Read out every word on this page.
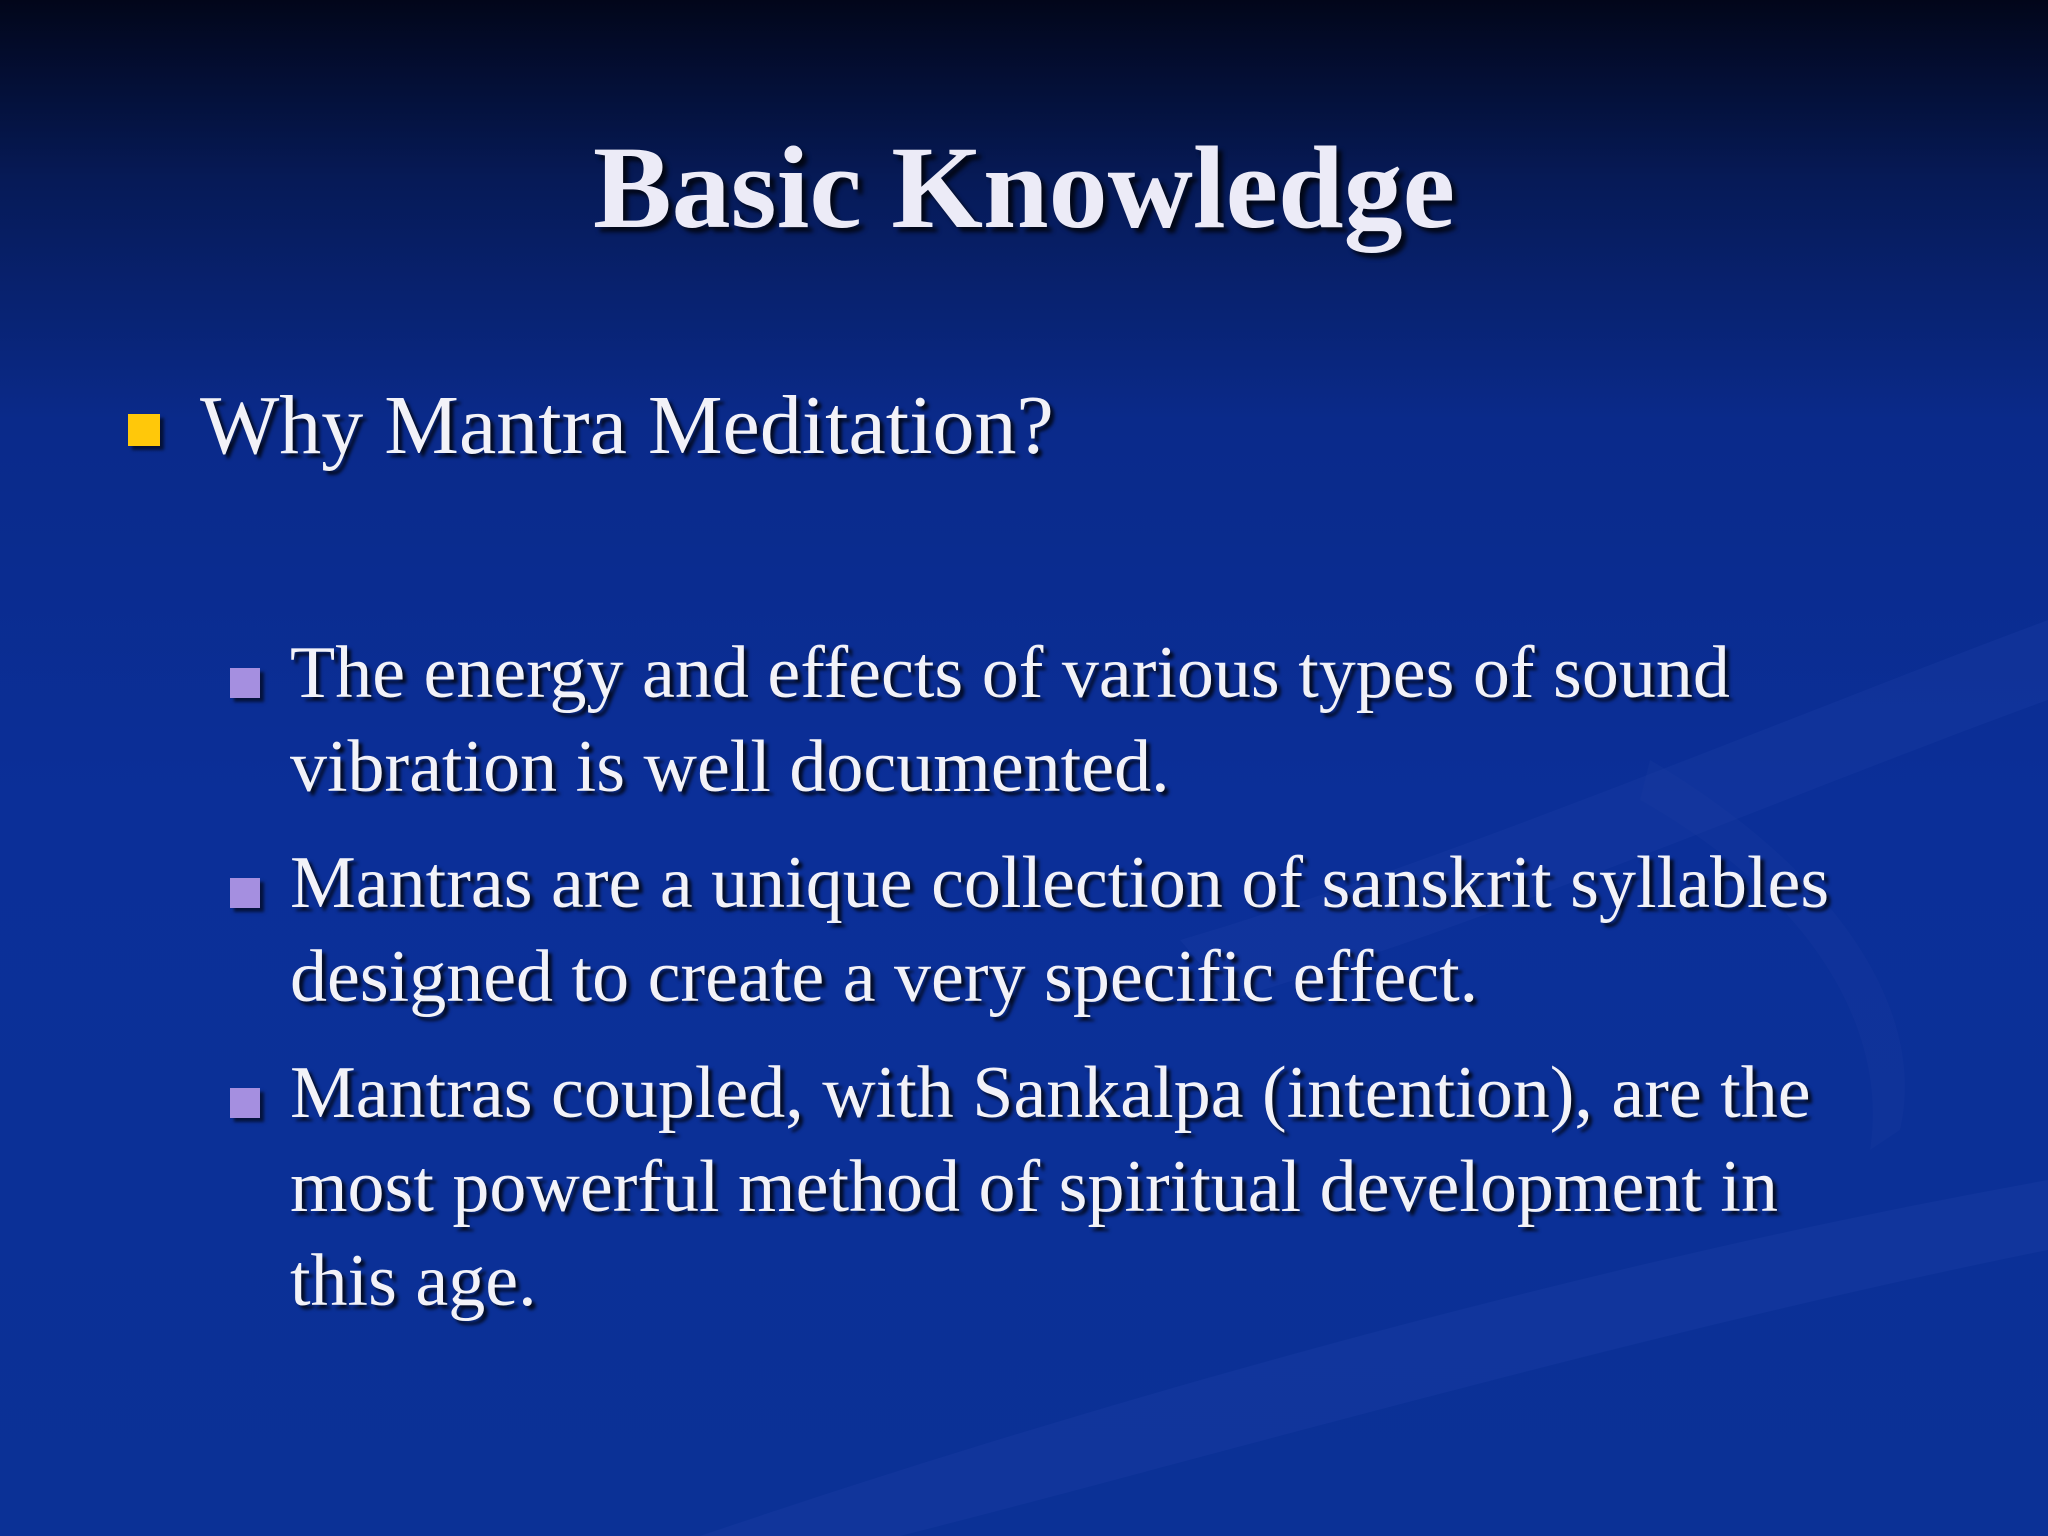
Basic Knowledge
Why Mantra Meditation?
The energy and effects of various types of sound vibration is well documented.
Mantras are a unique collection of sanskrit syllables designed to create a very specific effect.
Mantras coupled, with Sankalpa (intention), are the most powerful method of spiritual development in this age.
